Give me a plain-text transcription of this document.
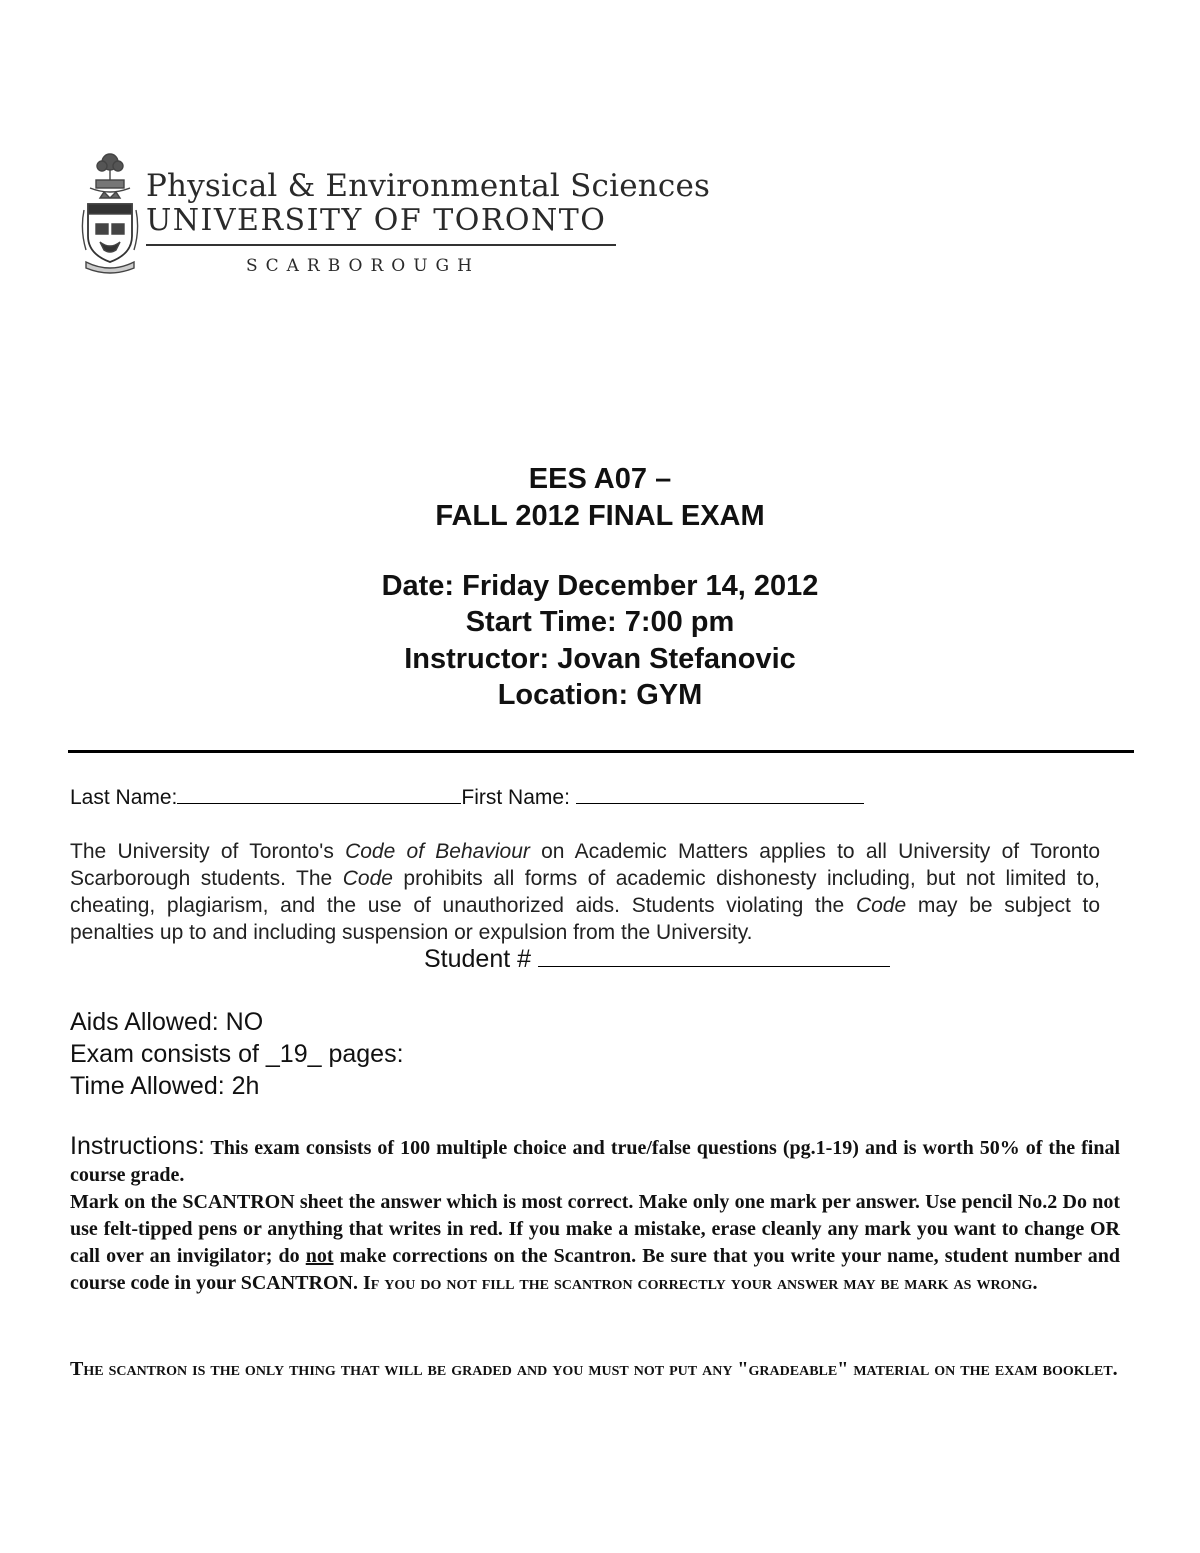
Physical & Environmental Sciences
UNIVERSITY OF TORONTO
SCARBOROUGH
EES A07 –
FALL 2012 FINAL EXAM
Date: Friday December 14, 2012
Start Time: 7:00 pm
Instructor: Jovan Stefanovic
Location: GYM
Last Name:	First Name:
The University of Toronto's Code of Behaviour on Academic Matters applies to all University of Toronto Scarborough students. The Code prohibits all forms of academic dishonesty including, but not limited to, cheating, plagiarism, and the use of unauthorized aids. Students violating the Code may be subject to penalties up to and including suspension or expulsion from the University.
Student #
Aids Allowed: NO
Exam consists of _19_ pages:
Time Allowed: 2h
Instructions: This exam consists of 100 multiple choice and true/false questions (pg.1-19) and is worth 50% of the final course grade.
Mark on the SCANTRON sheet the answer which is most correct. Make only one mark per answer. Use pencil No.2 Do not use felt-tipped pens or anything that writes in red. If you make a mistake, erase cleanly any mark you want to change OR call over an invigilator; do not make corrections on the Scantron. Be sure that you write your name, student number and course code in your SCANTRON. If you do not fill the scantron correctly your answer may be mark as wrong.
The scantron is the only thing that will be graded and you must not put any "gradeable" material on the exam booklet.
